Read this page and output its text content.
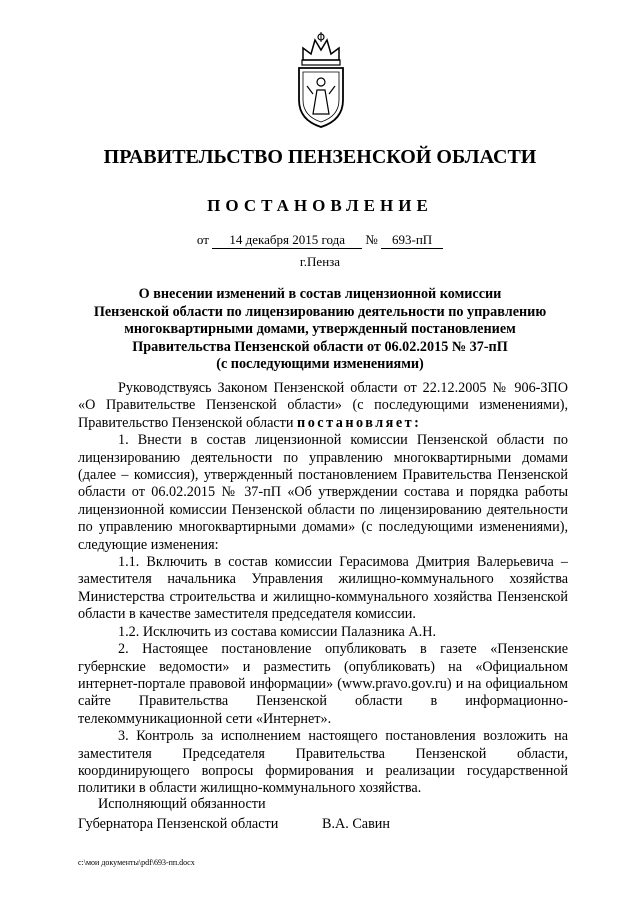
ПРАВИТЕЛЬСТВО ПЕНЗЕНСКОЙ ОБЛАСТИ
ПОСТАНОВЛЕНИЕ
от 14 декабря 2015 года № 693-пП
г.Пенза
О внесении изменений в состав лицензионной комиссии
Пензенской области по лицензированию деятельности по управлению
многоквартирными домами, утвержденный постановлением
Правительства Пензенской области от 06.02.2015 № 37-пП
(с последующими изменениями)

Руководствуясь Законом Пензенской области от 22.12.2005 № 906-ЗПО «О Правительстве Пензенской области» (с последующими изменениями), Правительство Пензенской области постановляет:

1. Внести в состав лицензионной комиссии Пензенской области по лицензированию деятельности по управлению многоквартирными домами (далее – комиссия), утвержденный постановлением Правительства Пензенской области от 06.02.2015 № 37-пП «Об утверждении состава и порядка работы лицензионной комиссии Пензенской области по лицензированию деятельности по управлению многоквартирными домами» (с последующими изменениями), следующие изменения:

1.1. Включить в состав комиссии Герасимова Дмитрия Валерьевича – заместителя начальника Управления жилищно-коммунального хозяйства Министерства строительства и жилищно-коммунального хозяйства Пензенской области в качестве заместителя председателя комиссии.

1.2. Исключить из состава комиссии Палазника А.Н.

2. Настоящее постановление опубликовать в газете «Пензенские губернские ведомости» и разместить (опубликовать) на «Официальном интернет-портале правовой информации» (www.pravo.gov.ru) и на официальном сайте Правительства Пензенской области в информационно-телекоммуникационной сети «Интернет».

3. Контроль за исполнением настоящего постановления возложить на заместителя Председателя Правительства Пензенской области, координирующего вопросы формирования и реализации государственной политики в области жилищно-коммунального хозяйства.

Исполняющий обязанности
Губернатора Пензенской области	В.А. Савин
c:\мои документы\pdf\693-пп.docx
